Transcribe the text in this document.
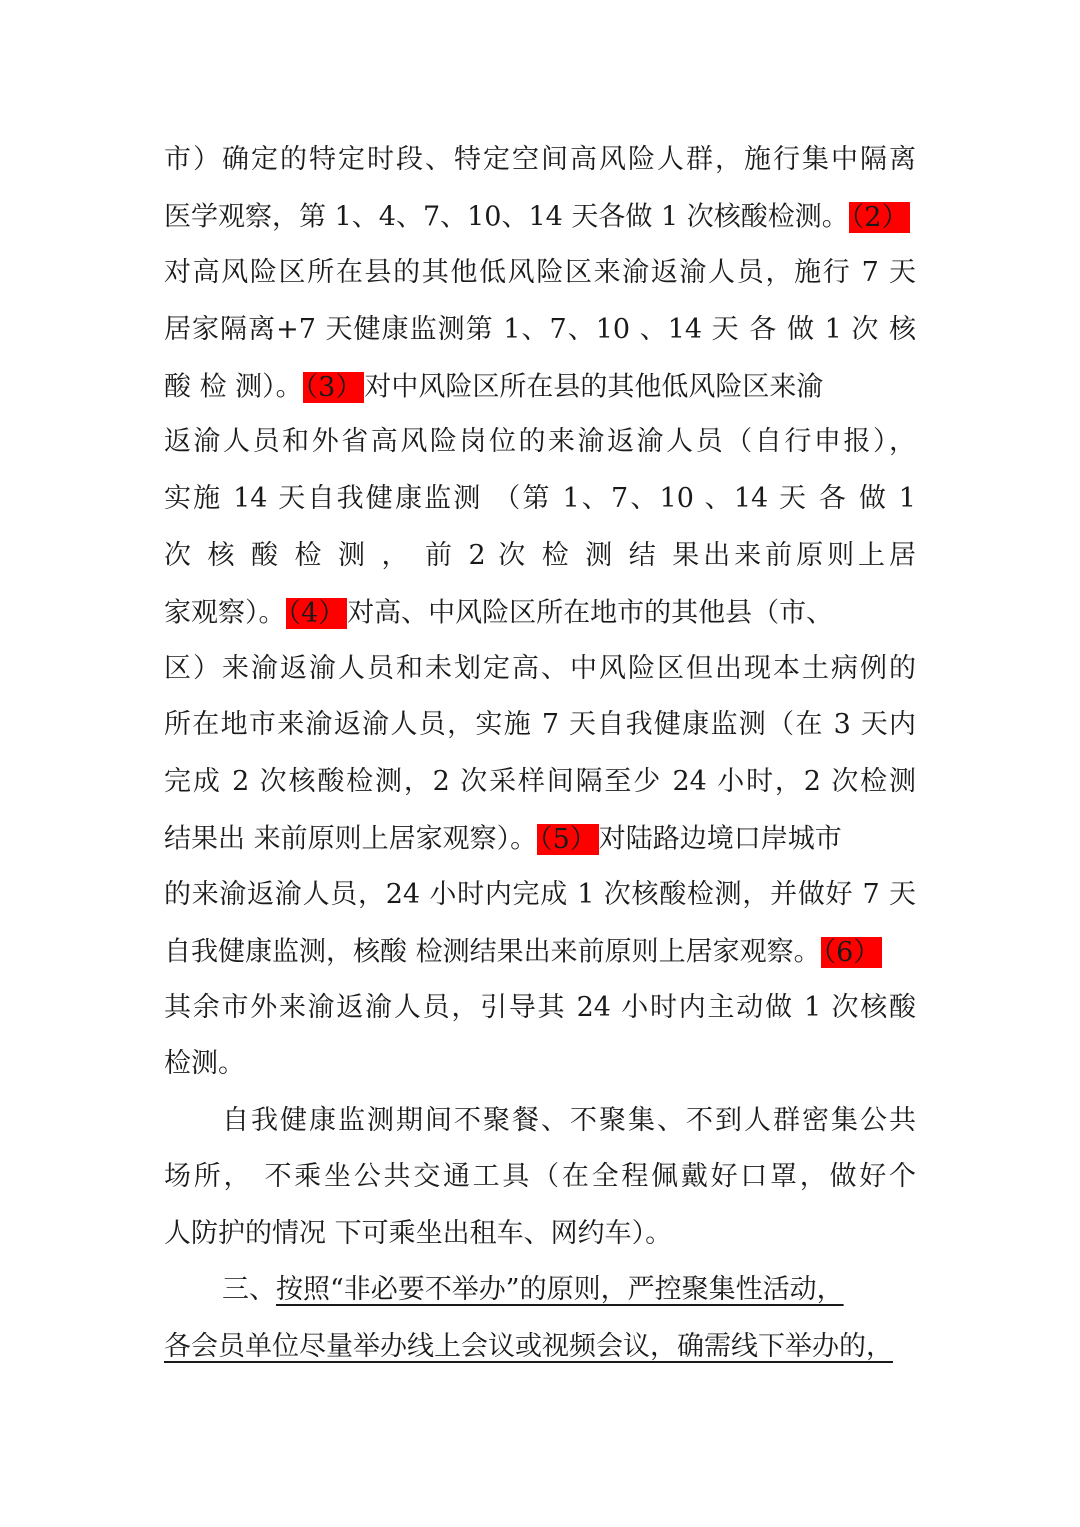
市）确定的特定时段、特定空间高风险人群，施行集中隔离
医学观察，第 1、4、7、10、14 天各做 1 次核酸检测。（2）
对高风险区所在县的其他低风险区来渝返渝人员，施行 7 天
居家隔离+7 天健康监测第 1、7、10 、14 天 各 做 1 次 核
酸 检 测）。（3）对中风险区所在县的其他低风险区来渝
返渝人员和外省高风险岗位的来渝返渝人员（自行申报），
实施 14 天自我健康监测 （第 1、7、10 、14 天 各 做 1
次 核 酸 检 测 ， 前 2 次 检 测 结 果出来前原则上居
家观察）。（4）对高、中风险区所在地市的其他县（市、
区）来渝返渝人员和未划定高、中风险区但出现本土病例的
所在地市来渝返渝人员，实施 7 天自我健康监测（在 3 天内
完成 2 次核酸检测，2 次采样间隔至少 24 小时，2 次检测
结果出 来前原则上居家观察）。（5）对陆路边境口岸城市
的来渝返渝人员，24 小时内完成 1 次核酸检测，并做好 7 天
自我健康监测，核酸 检测结果出来前原则上居家观察。（6）
其余市外来渝返渝人员，引导其 24 小时内主动做 1 次核酸
检测。
自我健康监测期间不聚餐、不聚集、不到人群密集公共
场所， 不乘坐公共交通工具（在全程佩戴好口罩，做好个
人防护的情况 下可乘坐出租车、网约车）。
三、按照“非必要不举办”的原则，严控聚集性活动，
各会员单位尽量举办线上会议或视频会议，确需线下举办的，
